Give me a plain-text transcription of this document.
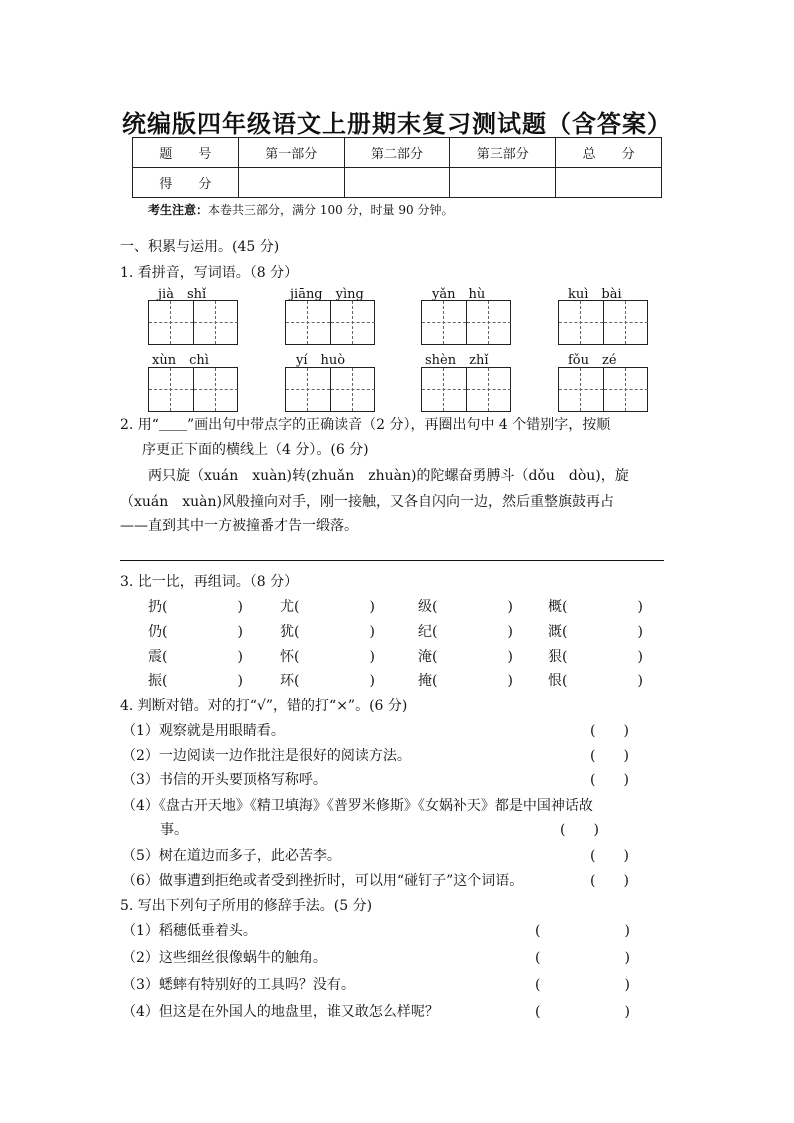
统编版四年级语文上册期末复习测试题（含答案）
题　　号	第一部分	第二部分	第三部分	总　　分
得　　分				
考生注意：本卷共三部分，满分 100 分，时量 90 分钟。
一、积累与运用。(45 分)
1. 看拼音，写词语。（8 分）
jià　shǐ	jiāng　yìng	yǎn　hù	kuì　bài
xùn　chì	yí　huò	shèn　zhǐ	fǒu　zé
2. 用“＿＿”画出句中带点字的正确读音（2 分），再圈出句中 4 个错别字，按顺
序更正下面的横线上（4 分）。(6 分)
两只旋（xuán　xuàn)转(zhuǎn　zhuàn)的陀螺奋勇膊斗（dǒu　dòu)，旋
（xuán　xuàn)风般撞向对手，刚一接触，又各自闪向一边，然后重整旗鼓再占
——直到其中一方被撞番才告一缎落。
3. 比一比，再组词。（8 分）
扔(　　　　　)	尤(　　　　　)	级(　　　　　)	概(　　　　　)
仍(　　　　　)	犹(　　　　　)	纪(　　　　　)	溉(　　　　　)
震(　　　　　)	怀(　　　　　)	淹(　　　　　)	狠(　　　　　)
振(　　　　　)	环(　　　　　)	掩(　　　　　)	恨(　　　　　)
4. 判断对错。对的打“√”，错的打“×”。(6 分)
（1）观察就是用眼睛看。	(　　)
（2）一边阅读一边作批注是很好的阅读方法。	(　　)
（3）书信的开头要顶格写称呼。	(　　)
（4）《盘古开天地》《精卫填海》《普罗米修斯》《女娲补天》都是中国神话故
事。	(　　)
（5）树在道边而多子，此必苦李。	(　　)
（6）做事遭到拒绝或者受到挫折时，可以用“碰钉子”这个词语。	(　　)
5. 写出下列句子所用的修辞手法。(5 分)
（1）稻穗低垂着头。	(　　　　　　)
（2）这些细丝很像蜗牛的触角。	(　　　　　　)
（3）蟋蟀有特别好的工具吗？没有。	(　　　　　　)
（4）但这是在外国人的地盘里，谁又敢怎么样呢？	(　　　　　　)
